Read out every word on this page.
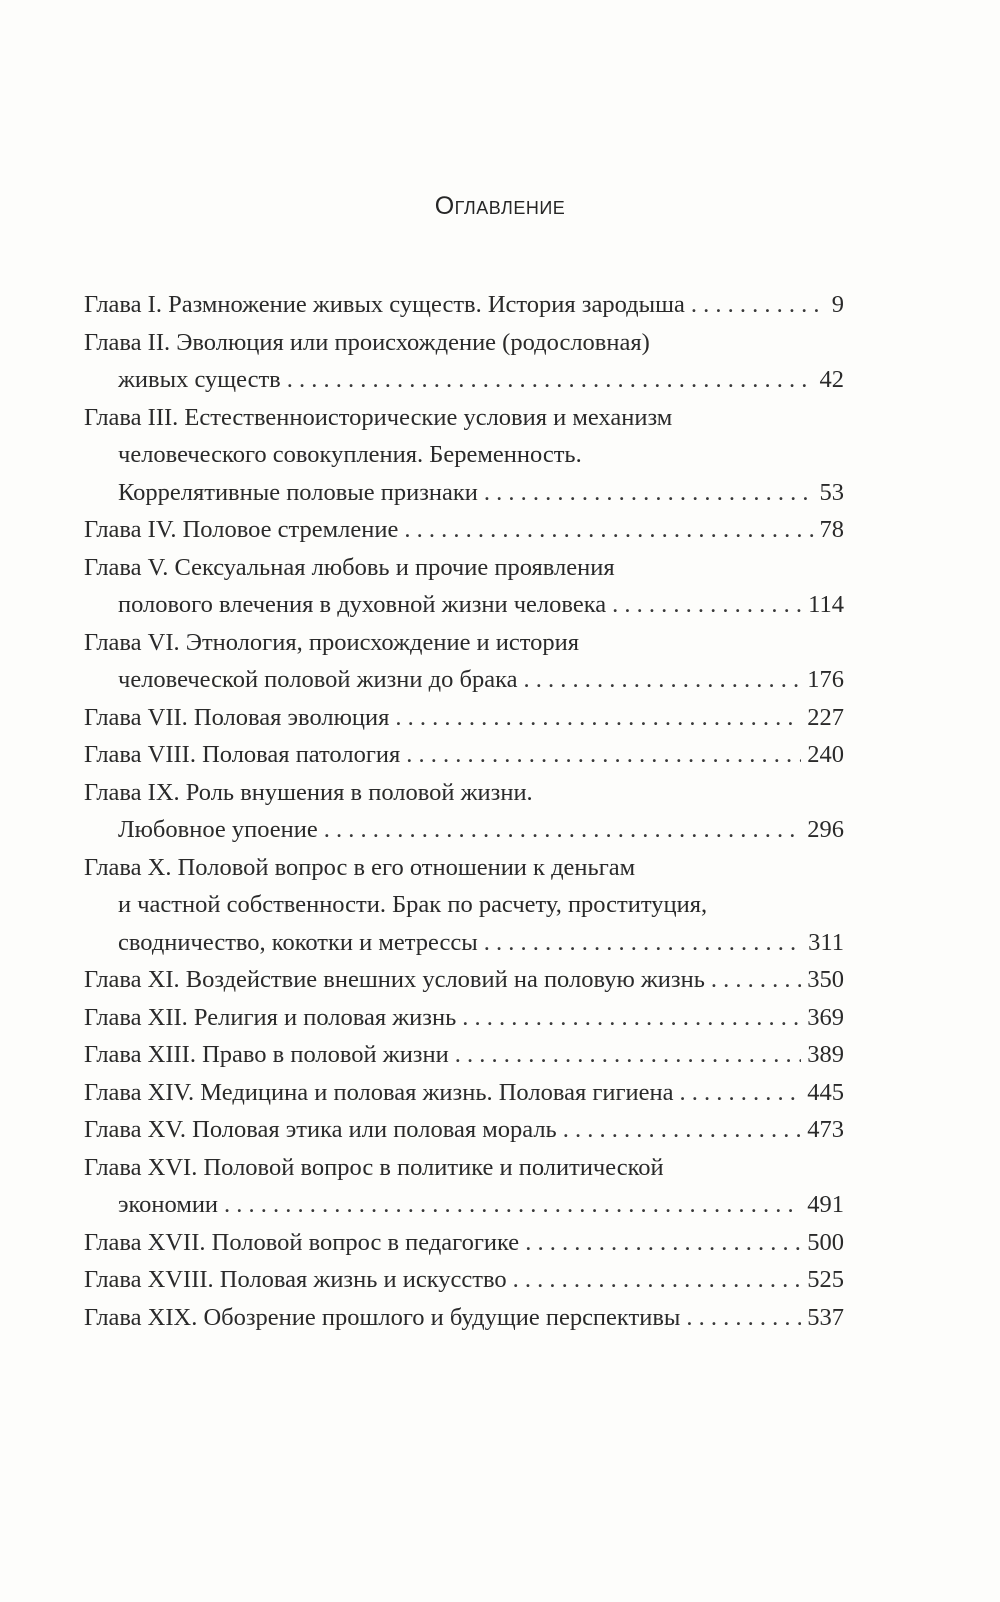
Оглавление
Глава I. Размножение живых существ. История зародыша . .	9
Глава II. Эволюция или происхождение (родословная)
живых существ . .	42
Глава III. Естественноисторические условия и механизм
человеческого совокупления. Беременность.
Коррелятивные половые признаки . .	53
Глава IV. Половое стремление . .	78
Глава V. Сексуальная любовь и прочие проявления
полового влечения в духовной жизни человека . .	114
Глава VI. Этнология, происхождение и история
человеческой половой жизни до брака . .	176
Глава VII. Половая эволюция . .	227
Глава VIII. Половая патология . .	240
Глава IX. Роль внушения в половой жизни.
Любовное упоение . .	296
Глава X. Половой вопрос в его отношении к деньгам
и частной собственности. Брак по расчету, проституция,
сводничество, кокотки и метрессы . .	311
Глава XI. Воздействие внешних условий на половую жизнь . .	350
Глава XII. Религия и половая жизнь . .	369
Глава XIII. Право в половой жизни . .	389
Глава XIV. Медицина и половая жизнь. Половая гигиена . .	445
Глава XV. Половая этика или половая мораль . .	473
Глава XVI. Половой вопрос в политике и политической
экономии . .	491
Глава XVII. Половой вопрос в педагогике . .	500
Глава XVIII. Половая жизнь и искусство . .	525
Глава XIX. Обозрение прошлого и будущие перспективы . .	537
